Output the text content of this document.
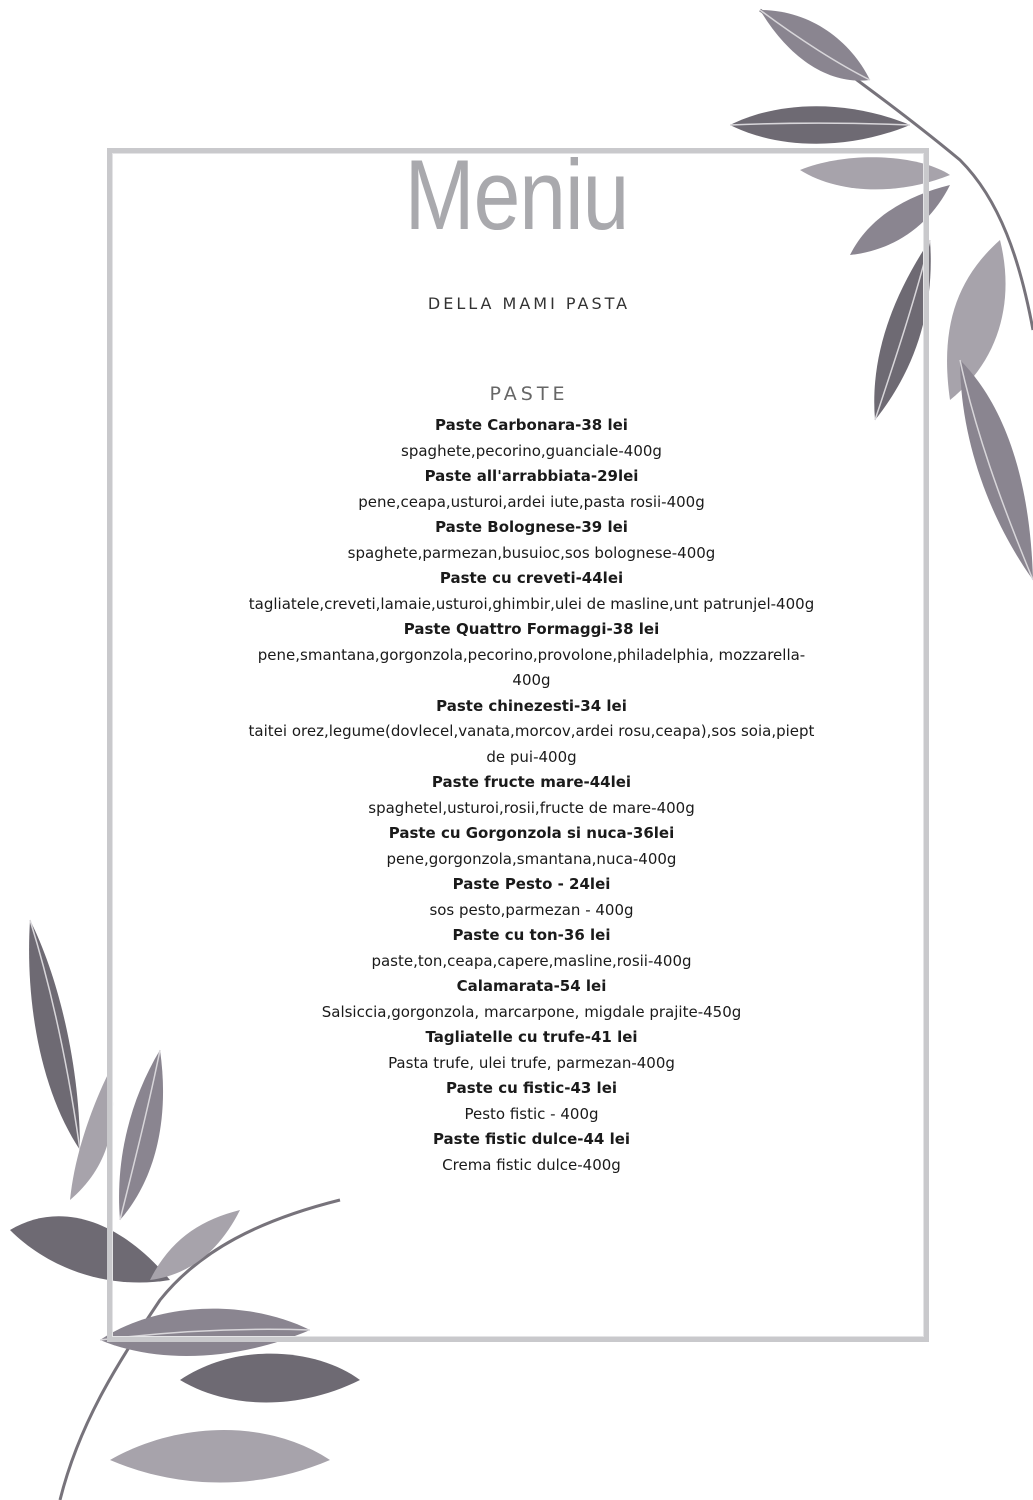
Meniu
DELLA MAMI PASTA
PASTE
Paste Carbonara-38 lei
spaghete,pecorino,guanciale-400g
Paste all'arrabbiata-29lei
pene,ceapa,usturoi,ardei iute,pasta rosii-400g
Paste Bolognese-39 lei
spaghete,parmezan,busuioc,sos bolognese-400g
Paste cu creveti-44lei
tagliatele,creveti,lamaie,usturoi,ghimbir,ulei de masline,unt patrunjel-400g
Paste Quattro Formaggi-38 lei
pene,smantana,gorgonzola,pecorino,provolone,philadelphia, mozzarella-400g
Paste chinezesti-34 lei
taitei orez,legume(dovlecel,vanata,morcov,ardei rosu,ceapa),sos soia,piept de pui-400g
Paste fructe mare-44lei
spaghetel,usturoi,rosii,fructe de mare-400g
Paste cu Gorgonzola si nuca-36lei
pene,gorgonzola,smantana,nuca-400g
Paste Pesto - 24lei
sos pesto,parmezan - 400g
Paste cu ton-36 lei
paste,ton,ceapa,capere,masline,rosii-400g
Calamarata-54 lei
Salsiccia,gorgonzola, marcarpone, migdale prajite-450g
Tagliatelle cu trufe-41 lei
Pasta trufe, ulei trufe, parmezan-400g
Paste cu fistic-43 lei
Pesto fistic - 400g
Paste fistic dulce-44 lei
Crema fistic dulce-400g
